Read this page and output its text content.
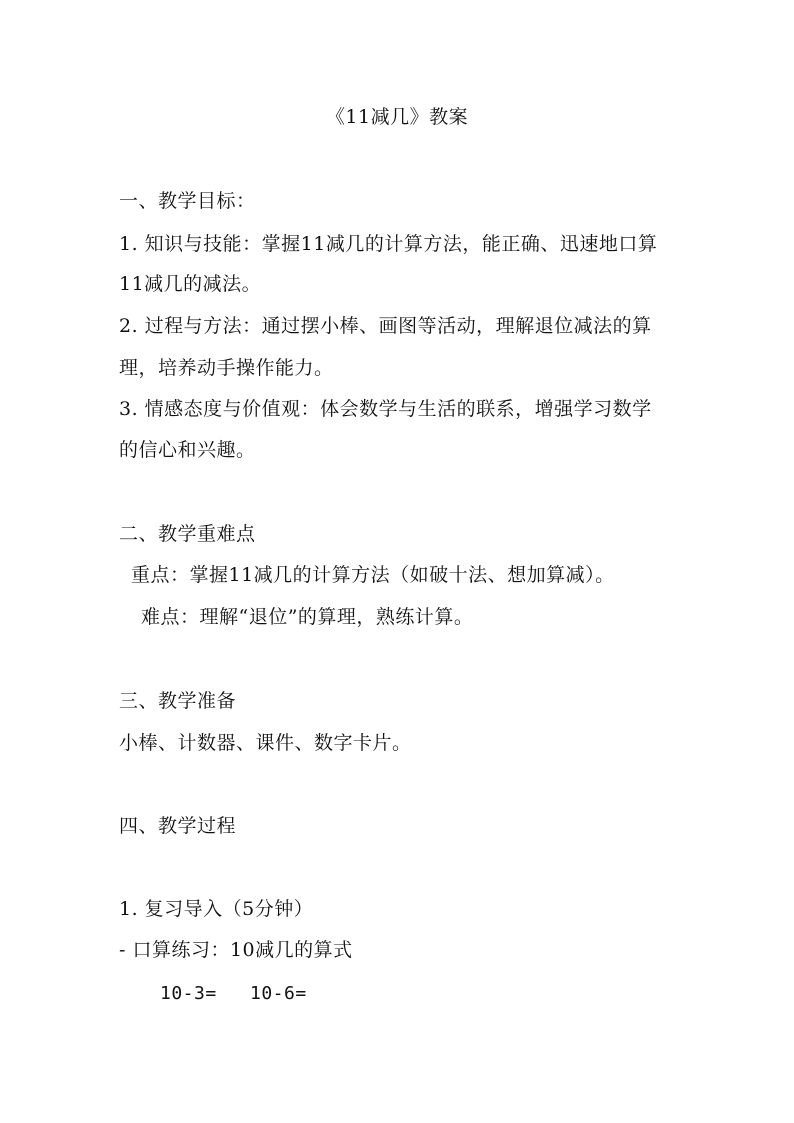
《11减几》教案
一、教学目标：
1. 知识与技能：掌握11减几的计算方法，能正确、迅速地口算
11减几的减法。
2. 过程与方法：通过摆小棒、画图等活动，理解退位减法的算
理，培养动手操作能力。
3. 情感态度与价值观：体会数学与生活的联系，增强学习数学
的信心和兴趣。
二、教学重难点
重点：掌握11减几的计算方法（如破十法、想加算减）。
难点：理解“退位”的算理，熟练计算。
三、教学准备
小棒、计数器、课件、数字卡片。
四、教学过程
1. 复习导入（5分钟）
- 口算练习：10减几的算式
10-3= 10-6=
